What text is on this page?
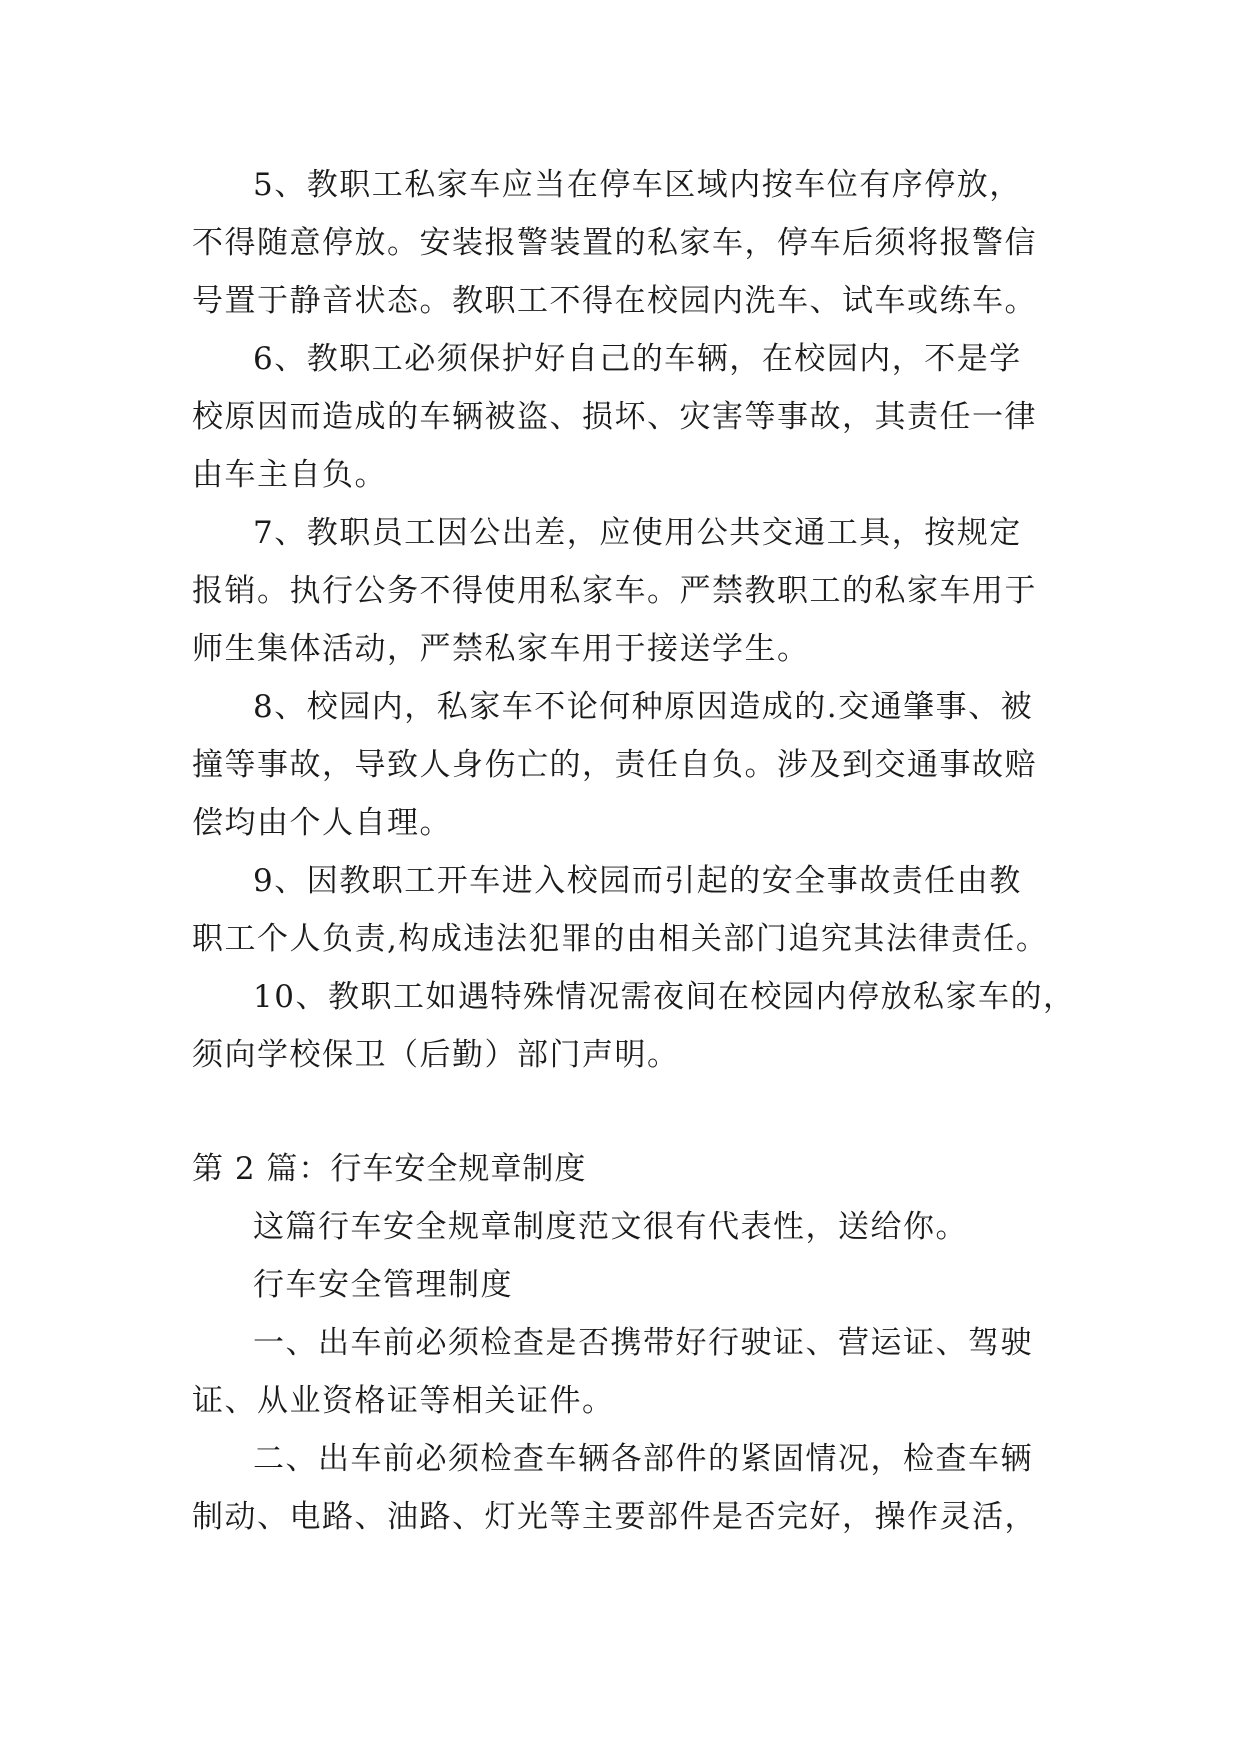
5、教职工私家车应当在停车区域内按车位有序停放，
不得随意停放。安装报警装置的私家车，停车后须将报警信
号置于静音状态。教职工不得在校园内洗车、试车或练车。
6、教职工必须保护好自己的车辆，在校园内，不是学
校原因而造成的车辆被盗、损坏、灾害等事故，其责任一律
由车主自负。
7、教职员工因公出差，应使用公共交通工具，按规定
报销。执行公务不得使用私家车。严禁教职工的私家车用于
师生集体活动，严禁私家车用于接送学生。
8、校园内，私家车不论何种原因造成的.交通肇事、被
撞等事故，导致人身伤亡的，责任自负。涉及到交通事故赔
偿均由个人自理。
9、因教职工开车进入校园而引起的安全事故责任由教
职工个人负责,构成违法犯罪的由相关部门追究其法律责任。
10、教职工如遇特殊情况需夜间在校园内停放私家车的，
须向学校保卫（后勤）部门声明。
第 2 篇：行车安全规章制度
这篇行车安全规章制度范文很有代表性，送给你。
行车安全管理制度
一、出车前必须检查是否携带好行驶证、营运证、驾驶
证、从业资格证等相关证件。
二、出车前必须检查车辆各部件的紧固情况，检查车辆
制动、电路、油路、灯光等主要部件是否完好，操作灵活，
